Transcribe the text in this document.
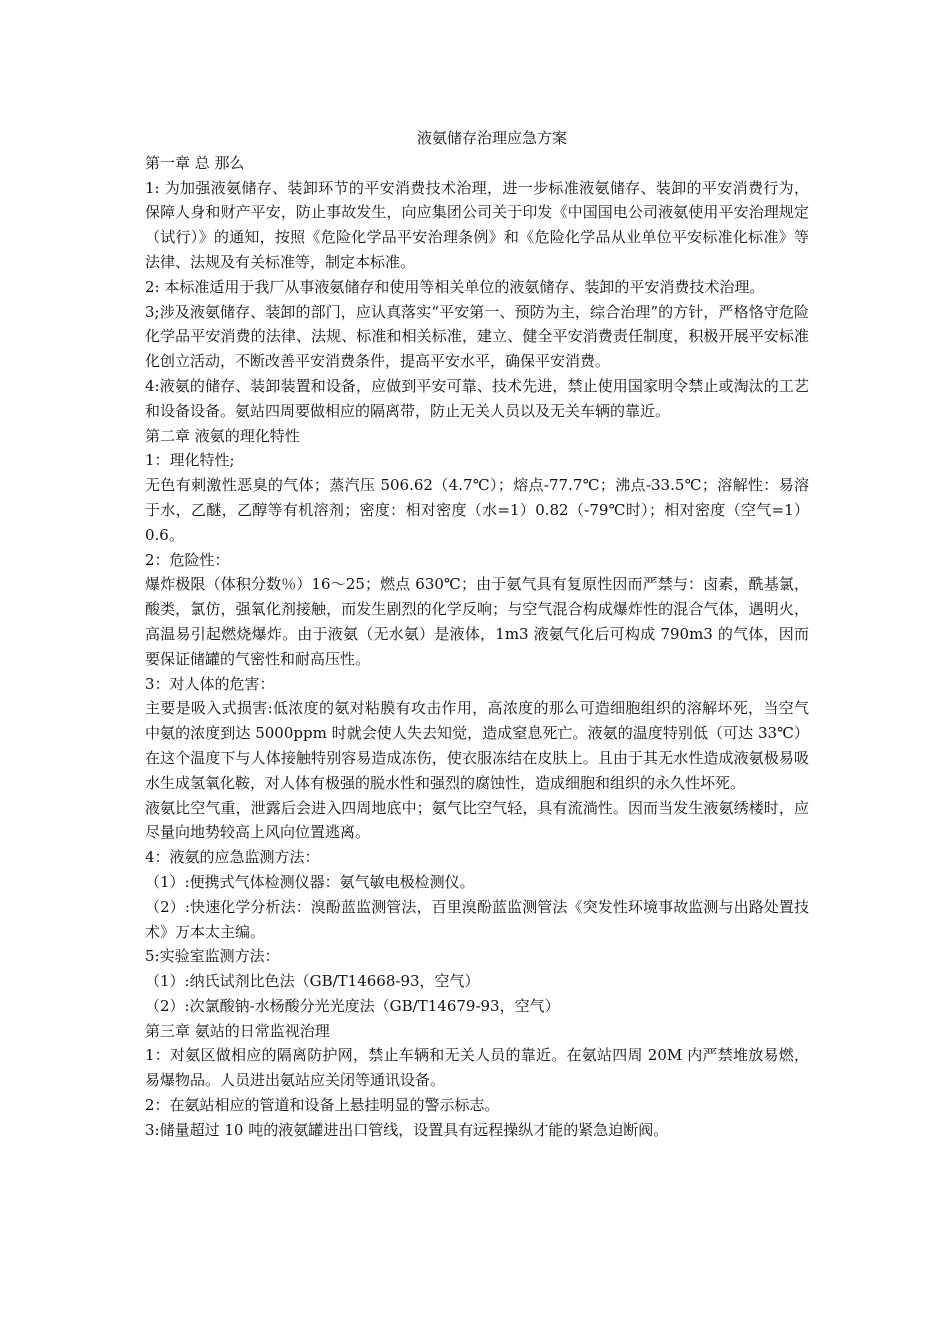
液氨储存治理应急方案

第一章 总 那么

1: 为加强液氨储存、装卸环节的平安消费技术治理，进一步标准液氨储存、装卸的平安消费行为，保障人身和财产平安，防止事故发生，向应集团公司关于印发《中国国电公司液氨使用平安治理规定（试行）》的通知，按照《危险化学品平安治理条例》和《危险化学品从业单位平安标准化标准》等法律、法规及有关标准等，制定本标准。

2: 本标准适用于我厂从事液氨储存和使用等相关单位的液氨储存、装卸的平安消费技术治理。

3;涉及液氨储存、装卸的部门，应认真落实“平安第一、预防为主，综合治理”的方针，严格恪守危险化学品平安消费的法律、法规、标准和相关标准，建立、健全平安消费责任制度，积极开展平安标准化创立活动，不断改善平安消费条件，提高平安水平，确保平安消费。

4:液氨的储存、装卸装置和设备，应做到平安可靠、技术先进，禁止使用国家明令禁止或淘汰的工艺和设备设备。氨站四周要做相应的隔离带，防止无关人员以及无关车辆的靠近。

第二章 液氨的理化特性

1：理化特性;

无色有刺激性恶臭的气体；蒸汽压 506.62（4.7℃）；熔点-77.7℃；沸点-33.5℃；溶解性：易溶于水，乙醚，乙醇等有机溶剂；密度：相对密度（水=1）0.82（-79℃时）；相对密度（空气=1）0.6。

2：危险性：

爆炸极限（体积分数％）16～25；燃点 630℃；由于氨气具有复原性因而严禁与：卤素，酰基氯，酸类，氯仿，强氧化剂接触，而发生剧烈的化学反响；与空气混合构成爆炸性的混合气体，遇明火，高温易引起燃烧爆炸。由于液氨（无水氨）是液体，1m3 液氨气化后可构成 790m3 的气体，因而要保证储罐的气密性和耐高压性。

3：对人体的危害：

主要是吸入式损害:低浓度的氨对粘膜有攻击作用，高浓度的那么可造细胞组织的溶解坏死，当空气中氨的浓度到达 5000ppm 时就会使人失去知觉，造成窒息死亡。液氨的温度特别低（可达 33℃）在这个温度下与人体接触特别容易造成冻伤，使衣服冻结在皮肤上。且由于其无水性造成液氨极易吸水生成氢氧化鞍，对人体有极强的脱水性和强烈的腐蚀性，造成细胞和组织的永久性坏死。

液氨比空气重，泄露后会进入四周地底中；氨气比空气轻，具有流淌性。因而当发生液氨绣楼时，应尽量向地势较高上风向位置逃离。

4：液氨的应急监测方法：

（1）:便携式气体检测仪器：氨气敏电极检测仪。

（2）:快速化学分析法：溴酚蓝监测管法，百里溴酚蓝监测管法《突发性环境事故监测与出路处置技术》万本太主编。

5:实验室监测方法：

（1）:纳氏试剂比色法（GB/T14668-93，空气）

（2）:次氯酸钠-水杨酸分光光度法（GB/T14679-93，空气）

第三章 氨站的日常监视治理

1：对氨区做相应的隔离防护网，禁止车辆和无关人员的靠近。在氨站四周 20M 内严禁堆放易燃，易爆物品。人员进出氨站应关闭等通讯设备。

2：在氨站相应的管道和设备上悬挂明显的警示标志。

3:储量超过 10 吨的液氨罐进出口管线，设置具有远程操纵才能的紧急迫断阀。
